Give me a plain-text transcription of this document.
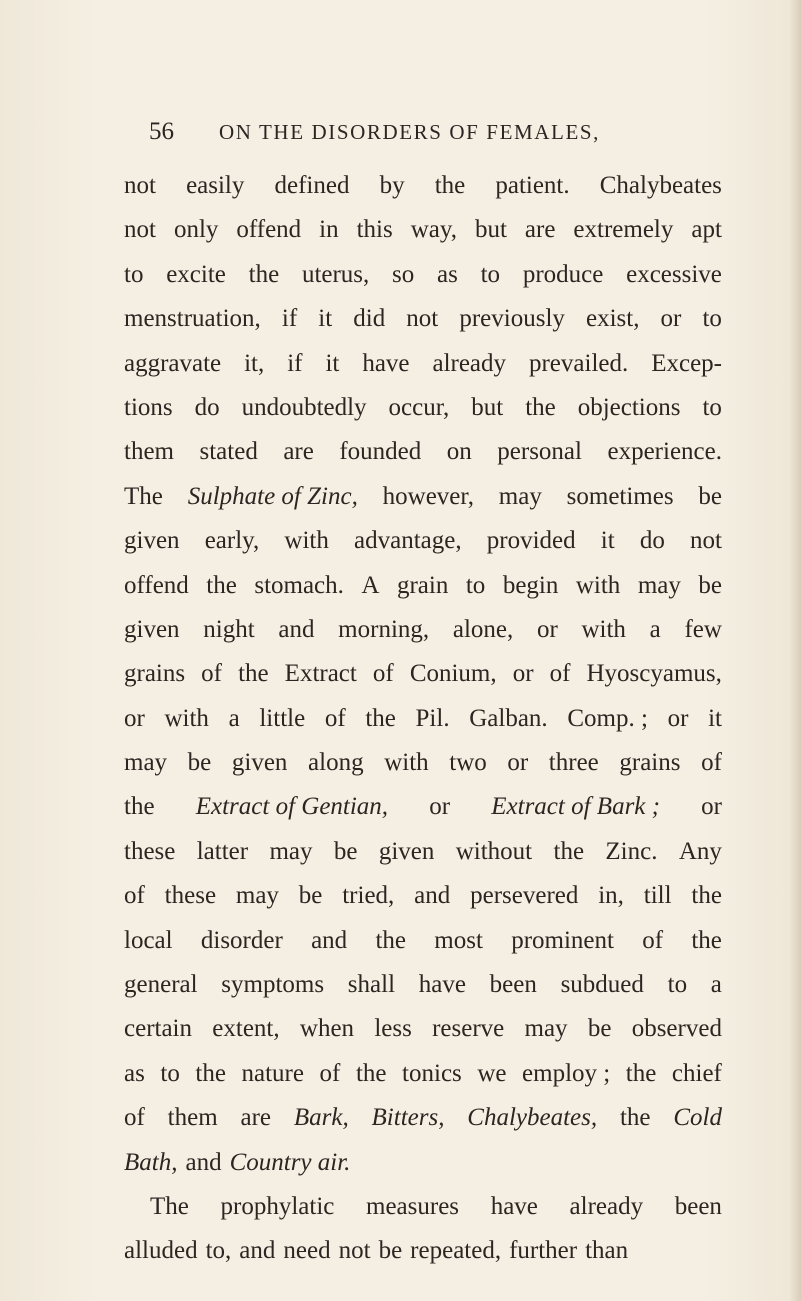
56 ON THE DISORDERS OF FEMALES,
not easily defined by the patient. Chalybeates
not only offend in this way, but are extremely apt
to excite the uterus, so as to produce excessive
menstruation, if it did not previously exist, or to
aggravate it, if it have already prevailed. Excep-
tions do undoubtedly occur, but the objections to
them stated are founded on personal experience.
The Sulphate of Zinc, however, may sometimes be
given early, with advantage, provided it do not
offend the stomach. A grain to begin with may be
given night and morning, alone, or with a few
grains of the Extract of Conium, or of Hyoscyamus,
or with a little of the Pil. Galban. Comp. ; or it
may be given along with two or three grains of
the Extract of Gentian, or Extract of Bark ; or
these latter may be given without the Zinc. Any
of these may be tried, and persevered in, till the
local disorder and the most prominent of the
general symptoms shall have been subdued to a
certain extent, when less reserve may be observed
as to the nature of the tonics we employ ; the chief
of them are Bark, Bitters, Chalybeates, the Cold
Bath, and Country air.
The prophylatic measures have already been
alluded to, and need not be repeated, further than
